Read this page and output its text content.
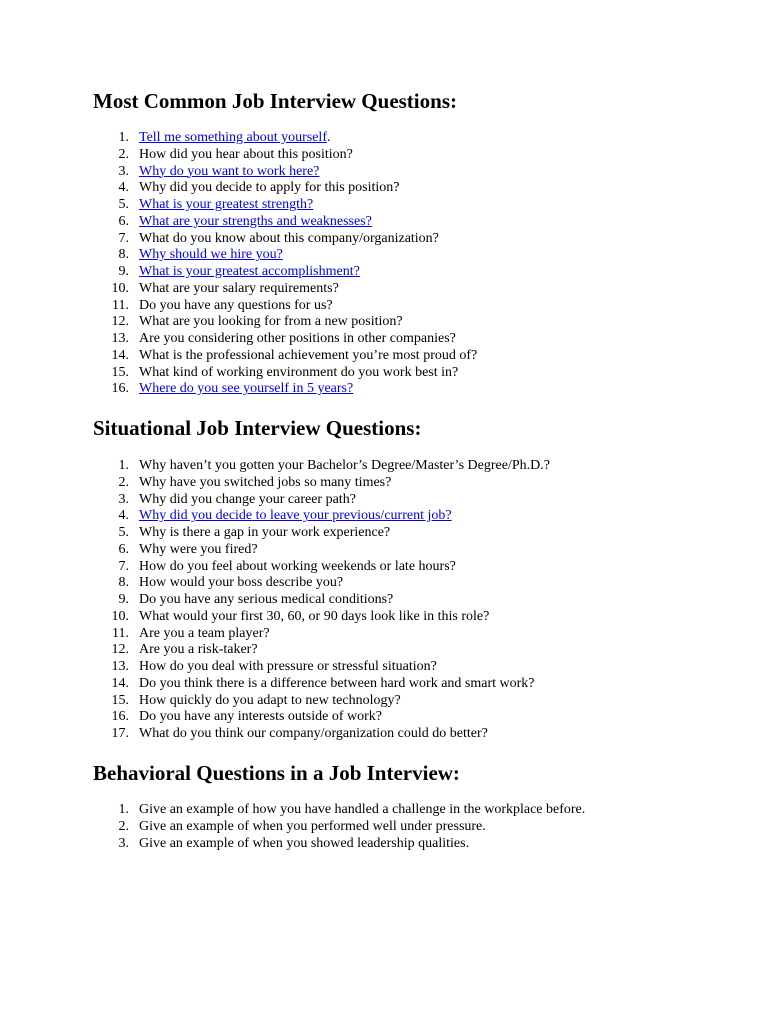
Most Common Job Interview Questions:
1. Tell me something about yourself .
2. How did you hear about this position?
3. Why do you want to work here?
4. Why did you decide to apply for this position?
5. What is your greatest strength?
6. What are your strengths and weaknesses?
7. What do you know about this company/organization?
8. Why should we hire you?
9. What is your greatest accomplishment?
10. What are your salary requirements?
11. Do you have any questions for us?
12. What are you looking for from a new position?
13. Are you considering other positions in other companies?
14. What is the professional achievement you’re most proud of?
15. What kind of working environment do you work best in?
16. Where do you see yourself in 5 years?
Situational Job Interview Questions:
1. Why haven’t you gotten your Bachelor’s Degree/Master’s Degree/Ph.D.?
2. Why have you switched jobs so many times?
3. Why did you change your career path?
4. Why did you decide to leave your previous/current job?
5. Why is there a gap in your work experience?
6. Why were you fired?
7. How do you feel about working weekends or late hours?
8. How would your boss describe you?
9. Do you have any serious medical conditions?
10. What would your first 30, 60, or 90 days look like in this role?
11. Are you a team player?
12. Are you a risk-taker?
13. How do you deal with pressure or stressful situation?
14. Do you think there is a difference between hard work and smart work?
15. How quickly do you adapt to new technology?
16. Do you have any interests outside of work?
17. What do you think our company/organization could do better?
Behavioral Questions in a Job Interview:
1. Give an example of how you have handled a challenge in the workplace before.
2. Give an example of when you performed well under pressure.
3. Give an example of when you showed leadership qualities.
